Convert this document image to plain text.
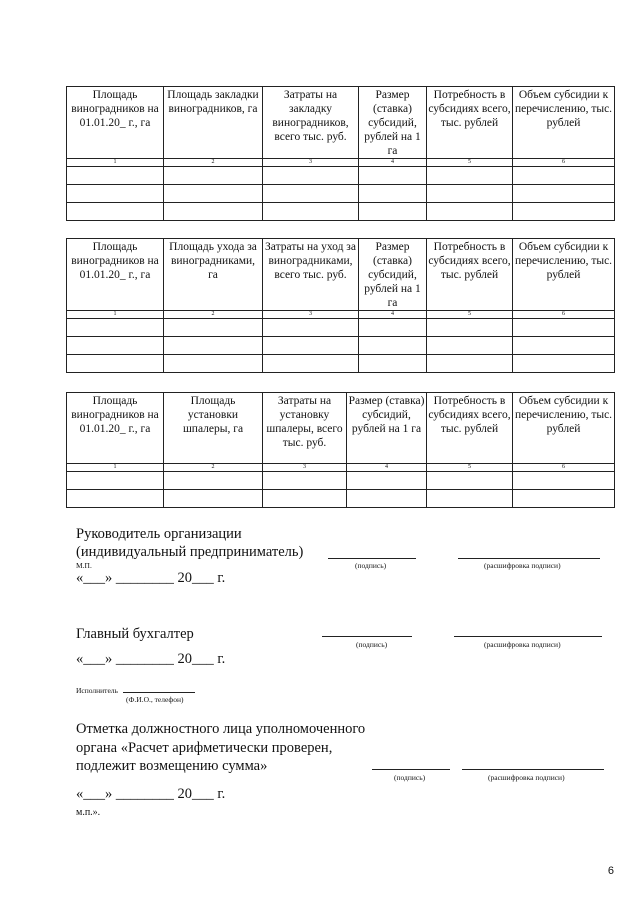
Площадь виноградников на 01.01.20_ г., га	Площадь закладки виноградников, га	Затраты на закладку виноградников, всего тыс. руб.	Размер (ставка) субсидий, рублей на 1 га	Потребность в субсидиях всего, тыс. рублей	Объем субсидии к перечислению, тыс. рублей
1	2	3	4	5	6

Площадь виноградников на 01.01.20_ г., га	Площадь ухода за виноградниками, га	Затраты на уход за виноградниками, всего тыс. руб.	Размер (ставка) субсидий, рублей на 1 га	Потребность в субсидиях всего, тыс. рублей	Объем субсидии к перечислению, тыс. рублей
1	2	3	4	5	6

Площадь виноградников на 01.01.20_ г., га	Площадь установки шпалеры, га	Затраты на установку шпалеры, всего тыс. руб.	Размер (ставка) субсидий, рублей на 1 га	Потребность в субсидиях всего, тыс. рублей	Объем субсидии к перечислению, тыс. рублей
1	2	3	4	5	6

Руководитель организации
(индивидуальный предприниматель)
М.П.	(подпись)	(расшифровка подписи)
«___» ________ 20___ г.
Главный бухгалтер
(подпись)	(расшифровка подписи)
«___» ________ 20___ г.
Исполнитель
(Ф.И.О., телефон)
Отметка должностного лица уполномоченного
органа «Расчет арифметически проверен,
подлежит возмещению сумма»
(подпись)	(расшифровка подписи)
«___» ________ 20___ г.
м.п.».
6
